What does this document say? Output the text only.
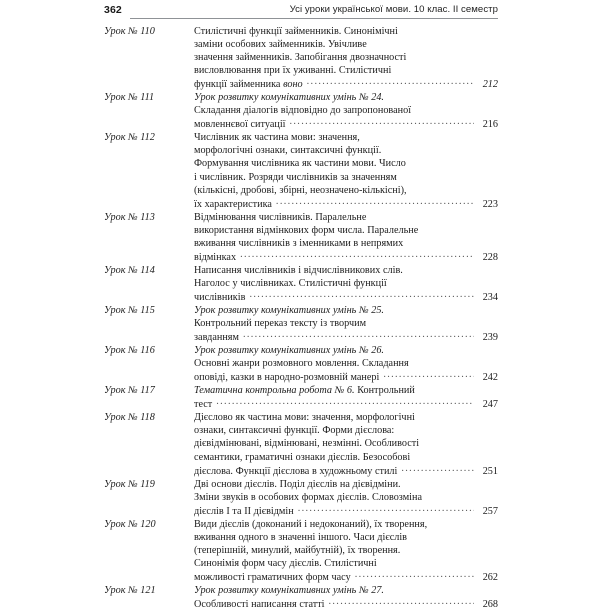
362	Усі уроки української мови. 10 клас. II семестр
Урок № 110	Стилістичні функції займенників. Синонімічні
заміни особових займенників. Увічливе
значення займенників. Запобігання двозначності
висловлювання при їх уживанні. Стилістичні
функції займенника воно .....	212
Урок № 111	Урок розвитку комунікативних умінь № 24.
Складання діалогів відповідно до запропонованої
мовленнєвої ситуації .....	216
Урок № 112	Числівник як частина мови: значення,
морфологічні ознаки, синтаксичні функції.
Формування числівника як частини мови. Число
і числівник. Розряди числівників за значенням
(кількісні, дробові, збірні, неозначено-кількісні),
їх характеристика .....	223
Урок № 113	Відмінювання числівників. Паралельне
використання відмінкових форм числа. Паралельне
вживання числівників з іменниками в непрямих
відмінках .....	228
Урок № 114	Написання числівників і відчислівникових слів.
Наголос у числівниках. Стилістичні функції
числівників .....	234
Урок № 115	Урок розвитку комунікативних умінь № 25.
Контрольний переказ тексту із творчим
завданням .....	239
Урок № 116	Урок розвитку комунікативних умінь № 26.
Основні жанри розмовного мовлення. Складання
оповіді, казки в народно-розмовній манері .....	242
Урок № 117	Тематична контрольна робота № 6. Контрольний
тест .....	247
Урок № 118	Дієслово як частина мови: значення, морфологічні
ознаки, синтаксичні функції. Форми дієслова:
дієвідмінювані, відмінювані, незмінні. Особливості
семантики, граматичні ознаки дієслів. Безособові
дієслова. Функції дієслова в художньому стилі .....	251
Урок № 119	Дві основи дієслів. Поділ дієслів на дієвідміни.
Зміни звуків в особових формах дієслів. Словозміна
дієслів I та II дієвідмін .....	257
Урок № 120	Види дієслів (доконаний і недоконаний), їх творення,
вживання одного в значенні іншого. Часи дієслів
(теперішній, минулий, майбутній), їх творення.
Синонімія форм часу дієслів. Стилістичні
можливості граматичних форм часу .....	262
Урок № 121	Урок розвитку комунікативних умінь № 27.
Особливості написання статті .....	268
